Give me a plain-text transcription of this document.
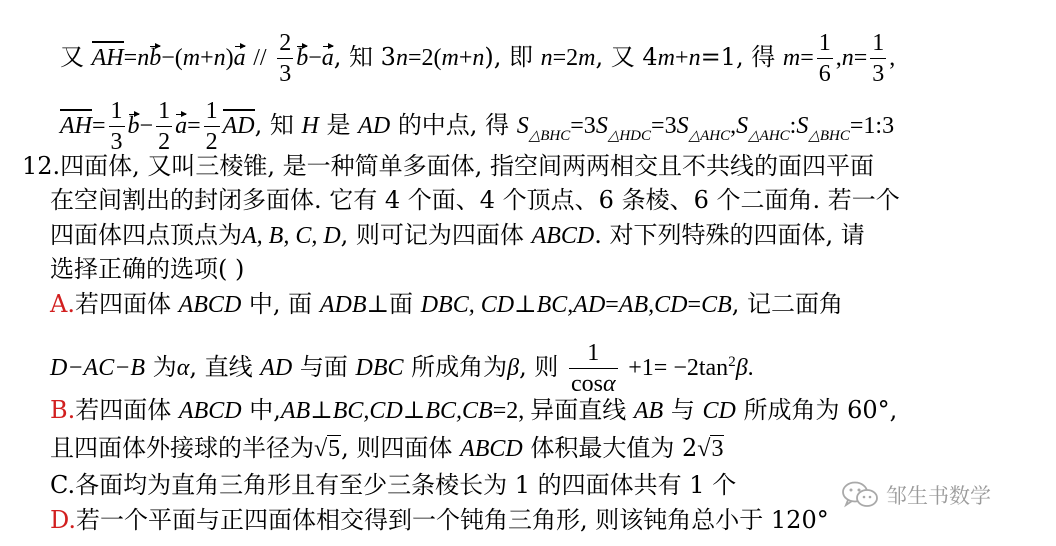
又 $AH=nb-(m+n)a // \frac{2}{3} b-a$, 知 3n=2(m+n), 即 n=2m, 又 4m+n=1, 得 $m= \frac{1}{6} ,n= \frac{1}{3}$ ,
$AH= \frac{1}{3} b- \frac{1}{2} a= \frac{1}{2}$ AD, 知 H 是 AD 的中点, 得 $S_{\triangle BHC}=3S_{\triangle HDC}=3S_{\triangle AHC},S_{\triangle AHC}:S_{\triangle BHC}=1:3$
12.四面体, 又叫三棱锥, 是一种简单多面体, 指空间两两相交且不共线的面四平面
在空间割出的封闭多面体. 它有 4 个面、4 个顶点、6 条棱、6 个二面角. 若一个
四面体四点顶点为A, B, C, D, 则可记为四面体 ABCD. 对下列特殊的四面体, 请
选择正确的选项( )
A.若四面体 ABCD 中, 面 ADB⊥面 DBC, CD⊥BC,AD=AB,CD=CB, 记二面角
D−AC−B 为α, 直线 AD 与面 DBC 所成角为β, 则 $\frac{1}{\cos\alpha} +1= -2\tan^2\beta$.
B.若四面体 ABCD 中,AB⊥BC,CD⊥BC,CB=2, 异面直线 AB 与 CD 所成角为 60°,
且四面体外接球的半径为√5, 则四面体 ABCD 体积最大值为 2√3
C.各面均为直角三角形且有至少三条棱长为 1 的四面体共有 1 个
D.若一个平面与正四面体相交得到一个钝角三角形, 则该钝角总小于 120°
邹生书数学
